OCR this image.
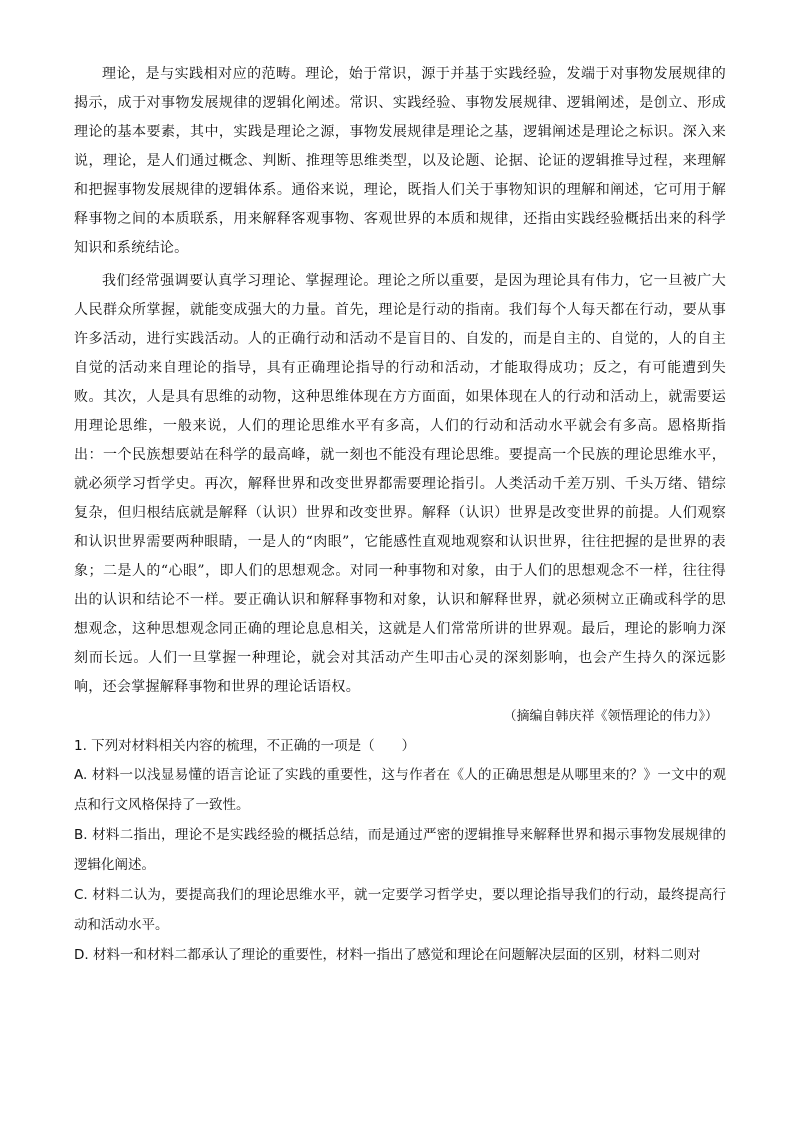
理论，是与实践相对应的范畴。理论，始于常识，源于并基于实践经验，发端于对事物发展规律的揭示，成于对事物发展规律的逻辑化阐述。常识、实践经验、事物发展规律、逻辑阐述，是创立、形成理论的基本要素，其中，实践是理论之源，事物发展规律是理论之基，逻辑阐述是理论之标识。深入来说，理论，是人们通过概念、判断、推理等思维类型，以及论题、论据、论证的逻辑推导过程，来理解和把握事物发展规律的逻辑体系。通俗来说，理论，既指人们关于事物知识的理解和阐述，它可用于解释事物之间的本质联系，用来解释客观事物、客观世界的本质和规律，还指由实践经验概括出来的科学知识和系统结论。

我们经常强调要认真学习理论、掌握理论。理论之所以重要，是因为理论具有伟力，它一旦被广大人民群众所掌握，就能变成强大的力量。首先，理论是行动的指南。我们每个人每天都在行动，要从事许多活动，进行实践活动。人的正确行动和活动不是盲目的、自发的，而是自主的、自觉的，人的自主自觉的活动来自理论的指导，具有正确理论指导的行动和活动，才能取得成功；反之，有可能遭到失败。其次，人是具有思维的动物，这种思维体现在方方面面，如果体现在人的行动和活动上，就需要运用理论思维，一般来说，人们的理论思维水平有多高，人们的行动和活动水平就会有多高。恩格斯指出：一个民族想要站在科学的最高峰，就一刻也不能没有理论思维。要提高一个民族的理论思维水平，就必须学习哲学史。再次，解释世界和改变世界都需要理论指引。人类活动千差万别、千头万绪、错综复杂，但归根结底就是解释（认识）世界和改变世界。解释（认识）世界是改变世界的前提。人们观察和认识世界需要两种眼睛，一是人的“肉眼”，它能感性直观地观察和认识世界，往往把握的是世界的表象；二是人的“心眼”，即人们的思想观念。对同一种事物和对象，由于人们的思想观念不一样，往往得出的认识和结论不一样。要正确认识和解释事物和对象，认识和解释世界，就必须树立正确或科学的思想观念，这种思想观念同正确的理论息息相关，这就是人们常常所讲的世界观。最后，理论的影响力深刻而长远。人们一旦掌握一种理论，就会对其活动产生叩击心灵的深刻影响，也会产生持久的深远影响，还会掌握解释事物和世界的理论话语权。

（摘编自韩庆祥《领悟理论的伟力》）

1. 下列对材料相关内容的梳理，不正确的一项是（　　）

A. 材料一以浅显易懂的语言论证了实践的重要性，这与作者在《人的正确思想是从哪里来的？》一文中的观点和行文风格保持了一致性。

B. 材料二指出，理论不是实践经验的概括总结，而是通过严密的逻辑推导来解释世界和揭示事物发展规律的逻辑化阐述。

C. 材料二认为，要提高我们的理论思维水平，就一定要学习哲学史，要以理论指导我们的行动，最终提高行动和活动水平。

D. 材料一和材料二都承认了理论的重要性，材料一指出了感觉和理论在问题解决层面的区别，材料二则对
